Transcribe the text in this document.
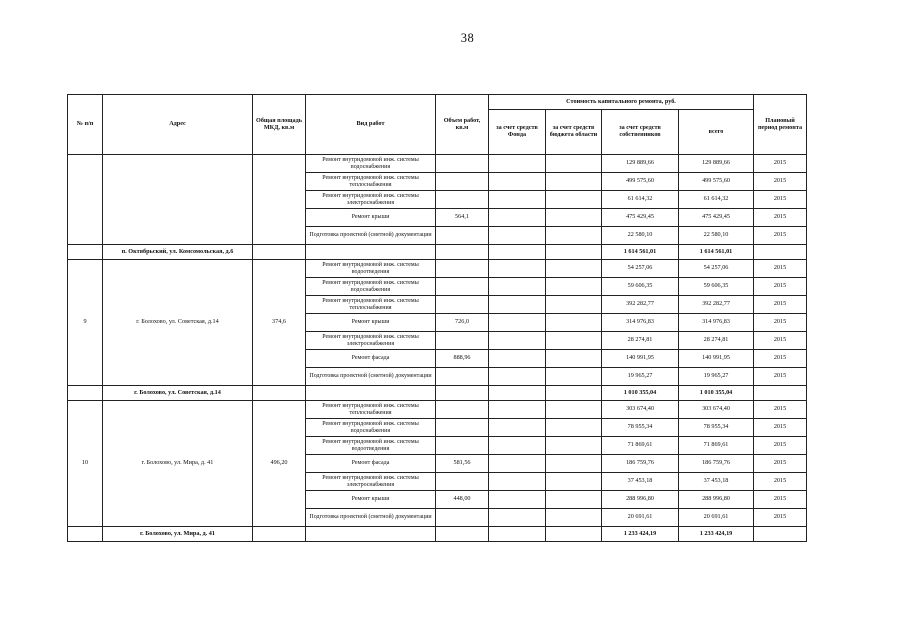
38
№ п/п	Адрес	Общая площадь МКД, кв.м	Вид работ	Объем работ, кв.м	Стоимость капитального ремонта, руб.				Плановый период ремонта
					за счет средств Фонда	за счет средств бюджета области	за счет средств собственников	всего	
			Ремонт внутридомовой инж. системы водоснабжения				129 889,66	129 889,66	2015
			Ремонт внутридомовой инж. системы теплоснабжения				499 575,60	499 575,60	2015
			Ремонт внутридомовой инж. системы электроснабжения				61 614,32	61 614,32	2015
			Ремонт крыши	564,1			475 429,45	475 429,45	2015
			Подготовка проектной (сметной) документации				22 580,10	22 580,10	2015
	п. Октябрьский, ул. Комсомольская, д.6						1 614 561,01	1 614 561,01	
9	г. Болохово, ул. Советская, д.14	374,6	Ремонт внутридомовой инж. системы водоотведения				54 257,06	54 257,06	2015
			Ремонт внутридомовой инж. системы водоснабжения				59 606,35	59 606,35	2015
			Ремонт внутридомовой инж. системы теплоснабжения				392 282,77	392 282,77	2015
			Ремонт крыши	726,0			314 976,83	314 976,83	2015
			Ремонт внутридомовой инж. системы электроснабжения				28 274,81	28 274,81	2015
			Ремонт фасада	888,96			140 991,95	140 991,95	2015
			Подготовка проектной (сметной) документации				19 965,27	19 965,27	2015
	г. Болохово, ул. Советская, д.14						1 010 355,04	1 010 355,04	
10	г. Болохово, ул. Мира, д. 41	496,20	Ремонт внутридомовой инж. системы теплоснабжения				303 674,40	303 674,40	2015
			Ремонт внутридомовой инж. системы водоснабжения				78 955,34	78 955,34	2015
			Ремонт внутридомовой инж. системы водоотведения				71 869,61	71 869,61	2015
			Ремонт фасада	581,56			186 759,76	186 759,76	2015
			Ремонт внутридомовой инж. системы электроснабжения				37 453,18	37 453,18	2015
			Ремонт крыши	448,00			288 996,80	288 996,80	2015
			Подготовка проектной (сметной) документации				20 691,61	20 691,61	2015
	г. Болохово, ул. Мира, д. 41						1 233 424,19	1 233 424,19	
